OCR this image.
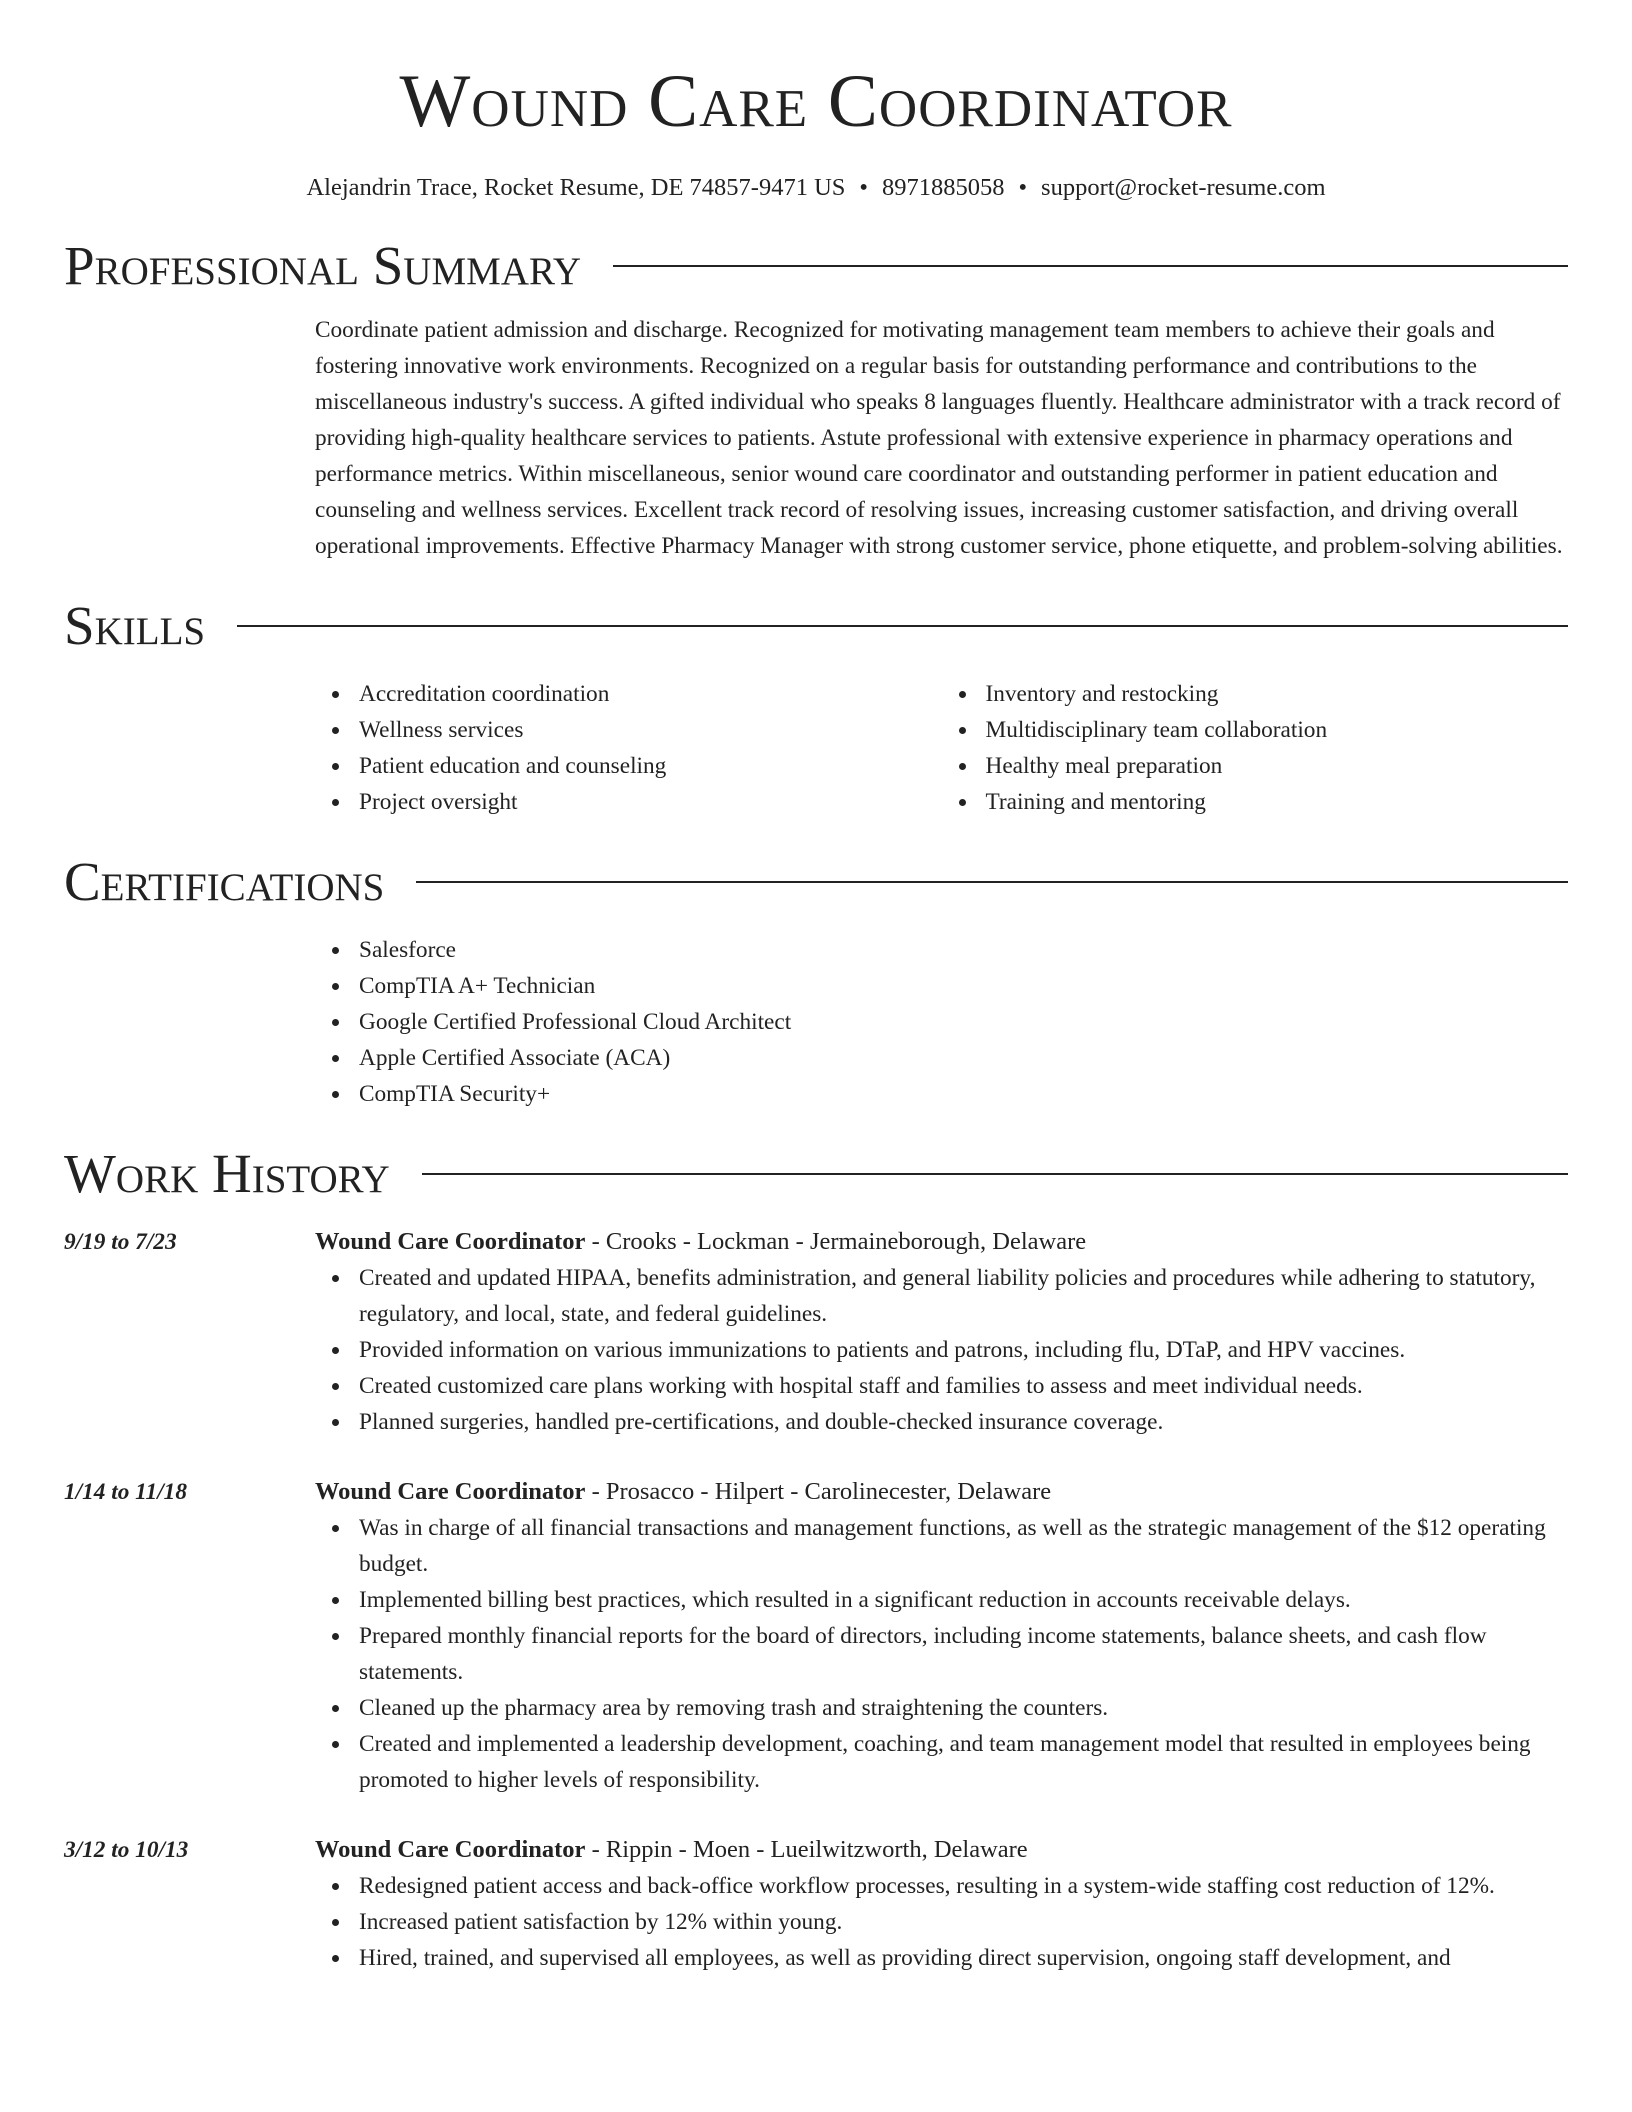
Wound Care Coordinator
Alejandrin Trace, Rocket Resume, DE 74857-9471 US • 8971885058 • support@rocket-resume.com
Professional Summary

Coordinate patient admission and discharge. Recognized for motivating management team members to achieve their goals and fostering innovative work environments. Recognized on a regular basis for outstanding performance and contributions to the miscellaneous industry's success. A gifted individual who speaks 8 languages fluently. Healthcare administrator with a track record of providing high-quality healthcare services to patients. Astute professional with extensive experience in pharmacy operations and performance metrics. Within miscellaneous, senior wound care coordinator and outstanding performer in patient education and counseling and wellness services. Excellent track record of resolving issues, increasing customer satisfaction, and driving overall operational improvements. Effective Pharmacy Manager with strong customer service, phone etiquette, and problem-solving abilities.

Skills
Accreditation coordination
Wellness services
Patient education and counseling
Project oversight
Inventory and restocking
Multidisciplinary team collaboration
Healthy meal preparation
Training and mentoring
Certifications
Salesforce
CompTIA A+ Technician
Google Certified Professional Cloud Architect
Apple Certified Associate (ACA)
CompTIA Security+
Work History
9/19 to 7/23	Wound Care Coordinator - Crooks - Lockman - Jermaineborough, Delaware
Created and updated HIPAA, benefits administration, and general liability policies and procedures while adhering to statutory, regulatory, and local, state, and federal guidelines.
Provided information on various immunizations to patients and patrons, including flu, DTaP, and HPV vaccines.
Created customized care plans working with hospital staff and families to assess and meet individual needs.
Planned surgeries, handled pre-certifications, and double-checked insurance coverage.
1/14 to 11/18	Wound Care Coordinator - Prosacco - Hilpert - Carolinecester, Delaware
Was in charge of all financial transactions and management functions, as well as the strategic management of the $12 operating budget.
Implemented billing best practices, which resulted in a significant reduction in accounts receivable delays.
Prepared monthly financial reports for the board of directors, including income statements, balance sheets, and cash flow statements.
Cleaned up the pharmacy area by removing trash and straightening the counters.
Created and implemented a leadership development, coaching, and team management model that resulted in employees being promoted to higher levels of responsibility.
3/12 to 10/13	Wound Care Coordinator - Rippin - Moen - Lueilwitzworth, Delaware
Redesigned patient access and back-office workflow processes, resulting in a system-wide staffing cost reduction of 12%.
Increased patient satisfaction by 12% within young.
Hired, trained, and supervised all employees, as well as providing direct supervision, ongoing staff development, and
